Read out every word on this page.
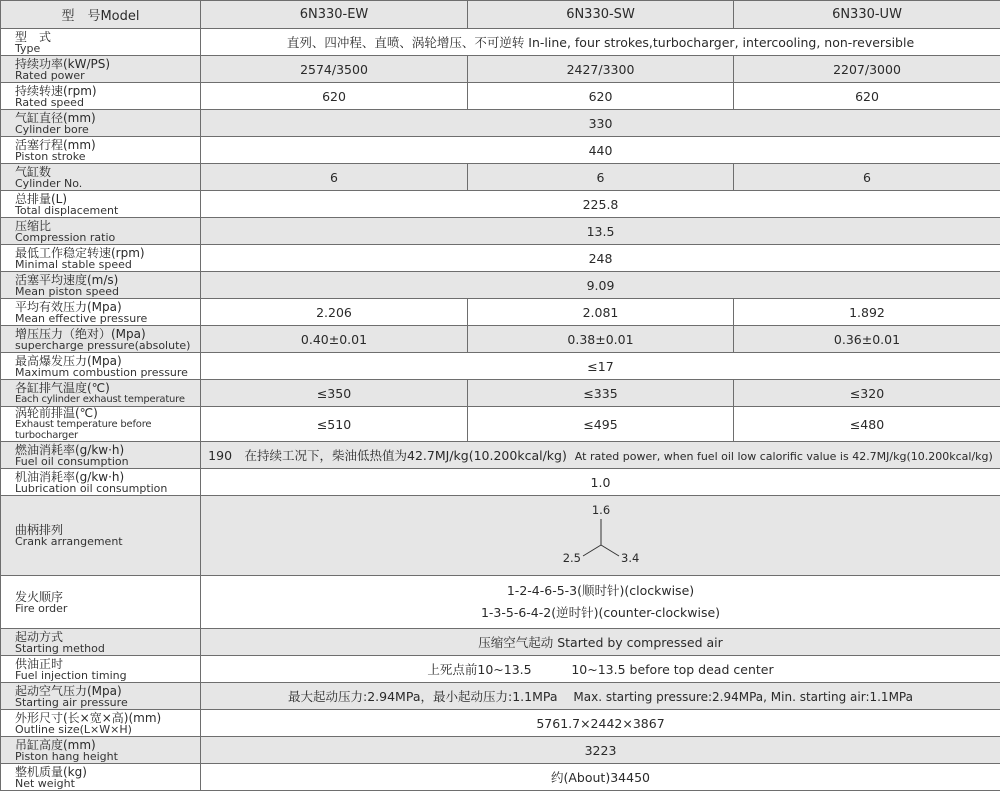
型　号Model	6N330-EW	6N330-SW	6N330-UW

型　式
Type	直列、四冲程、直喷、涡轮增压、不可逆转 In-line, four strokes,turbocharger, intercooling, non-reversible		

持续功率(kW/PS)
Rated power	2574/3500	2427/3300	2207/3000

持续转速(rpm)
Rated speed	620	620	620

气缸直径(mm)
Cylinder bore	330		

活塞行程(mm)
Piston stroke	440		

气缸数
Cylinder No.	6	6	6

总排量(L)
Total displacement	225.8		

压缩比
Compression ratio	13.5		

最低工作稳定转速(rpm)
Minimal stable speed	248		

活塞平均速度(m/s)
Mean piston speed	9.09		

平均有效压力(Mpa)
Mean effective pressure	2.206	2.081	1.892

增压压力（绝对）(Mpa)
supercharge pressure(absolute)	0.40±0.01	0.38±0.01	0.36±0.01

最高爆发压力(Mpa)
Maximum combustion pressure	≤17		

各缸排气温度(℃)
Each cylinder exhaust temperature	≤350	≤335	≤320

涡轮前排温(℃)
Exhaust temperature before turbocharger	≤510	≤495	≤480

燃油消耗率(g/kw·h)
Fuel oil consumption	190　在持续工况下，柴油低热值为42.7MJ/kg(10.200kcal/kg) At rated power, when fuel oil low calorific value is 42.7MJ/kg(10.200kcal/kg)		

机油消耗率(g/kw·h)
Lubrication oil consumption	1.0		

曲柄排列
Crank arrangement	1.6
2.5 3.4		

发火顺序
Fire order	1-2-4-6-5-3(顺时针)(clockwise)
1-3-5-6-4-2(逆时针)(counter-clockwise)		

起动方式
Starting method	压缩空气起动 Started by compressed air		

供油正时
Fuel injection timing	上死点前10~13.5 10~13.5 before top dead center		

起动空气压力(Mpa)
Starting air pressure	最大起动压力:2.94MPa，最小起动压力:1.1MPa Max. starting pressure:2.94MPa, Min. starting air:1.1MPa		

外形尺寸(长×宽×高)(mm)
Outline size(L×W×H)	5761.7×2442×3867		

吊缸高度(mm)
Piston hang height	3223		

整机质量(kg)
Net weight	约(About)34450		
